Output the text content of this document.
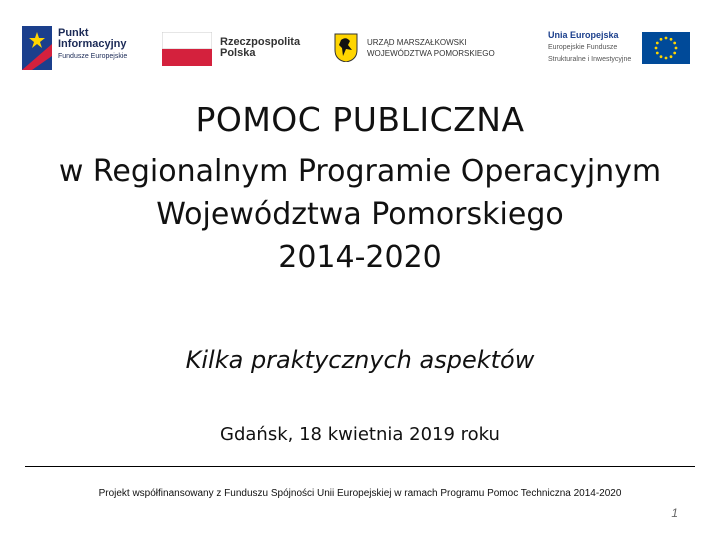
Punkt
Informacyjny
Fundusze Europejskie
Rzeczpospolita
Polska
URZĄD MARSZAŁKOWSKI
WOJEWÓDZTWA POMORSKIEGO
Unia Europejska
Europejskie Fundusze
Strukturalne i Inwestycyjne
POMOC PUBLICZNA
w Regionalnym Programie Operacyjnym
Województwa Pomorskiego
2014-2020
Kilka praktycznych aspektów
Gdańsk, 18 kwietnia 2019 roku
Projekt współfinansowany z Funduszu Spójności Unii Europejskiej w ramach Programu Pomoc Techniczna 2014-2020
1
